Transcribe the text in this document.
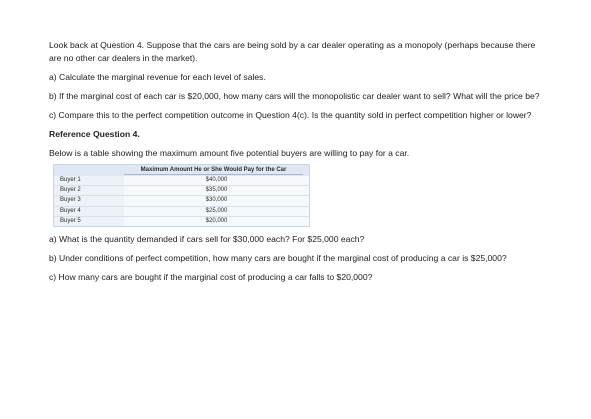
Look back at Question 4. Suppose that the cars are being sold by a car dealer operating as a monopoly (perhaps because there are no other car dealers in the market).

a) Calculate the marginal revenue for each level of sales.

b) If the marginal cost of each car is $20,000, how many cars will the monopolistic car dealer want to sell? What will the price be?

c) Compare this to the perfect competition outcome in Question 4(c). Is the quantity sold in perfect competition higher or lower?

Reference Question 4.

Below is a table showing the maximum amount five potential buyers are willing to pay for a car.

Maximum Amount He or She Would Pay for the Car
Buyer 1	$40,000
Buyer 2	$35,000
Buyer 3	$30,000
Buyer 4	$25,000
Buyer 5	$20,000

a) What is the quantity demanded if cars sell for $30,000 each? For $25,000 each?

b) Under conditions of perfect competition, how many cars are bought if the marginal cost of producing a car is $25,000?

c) How many cars are bought if the marginal cost of producing a car falls to $20,000?
